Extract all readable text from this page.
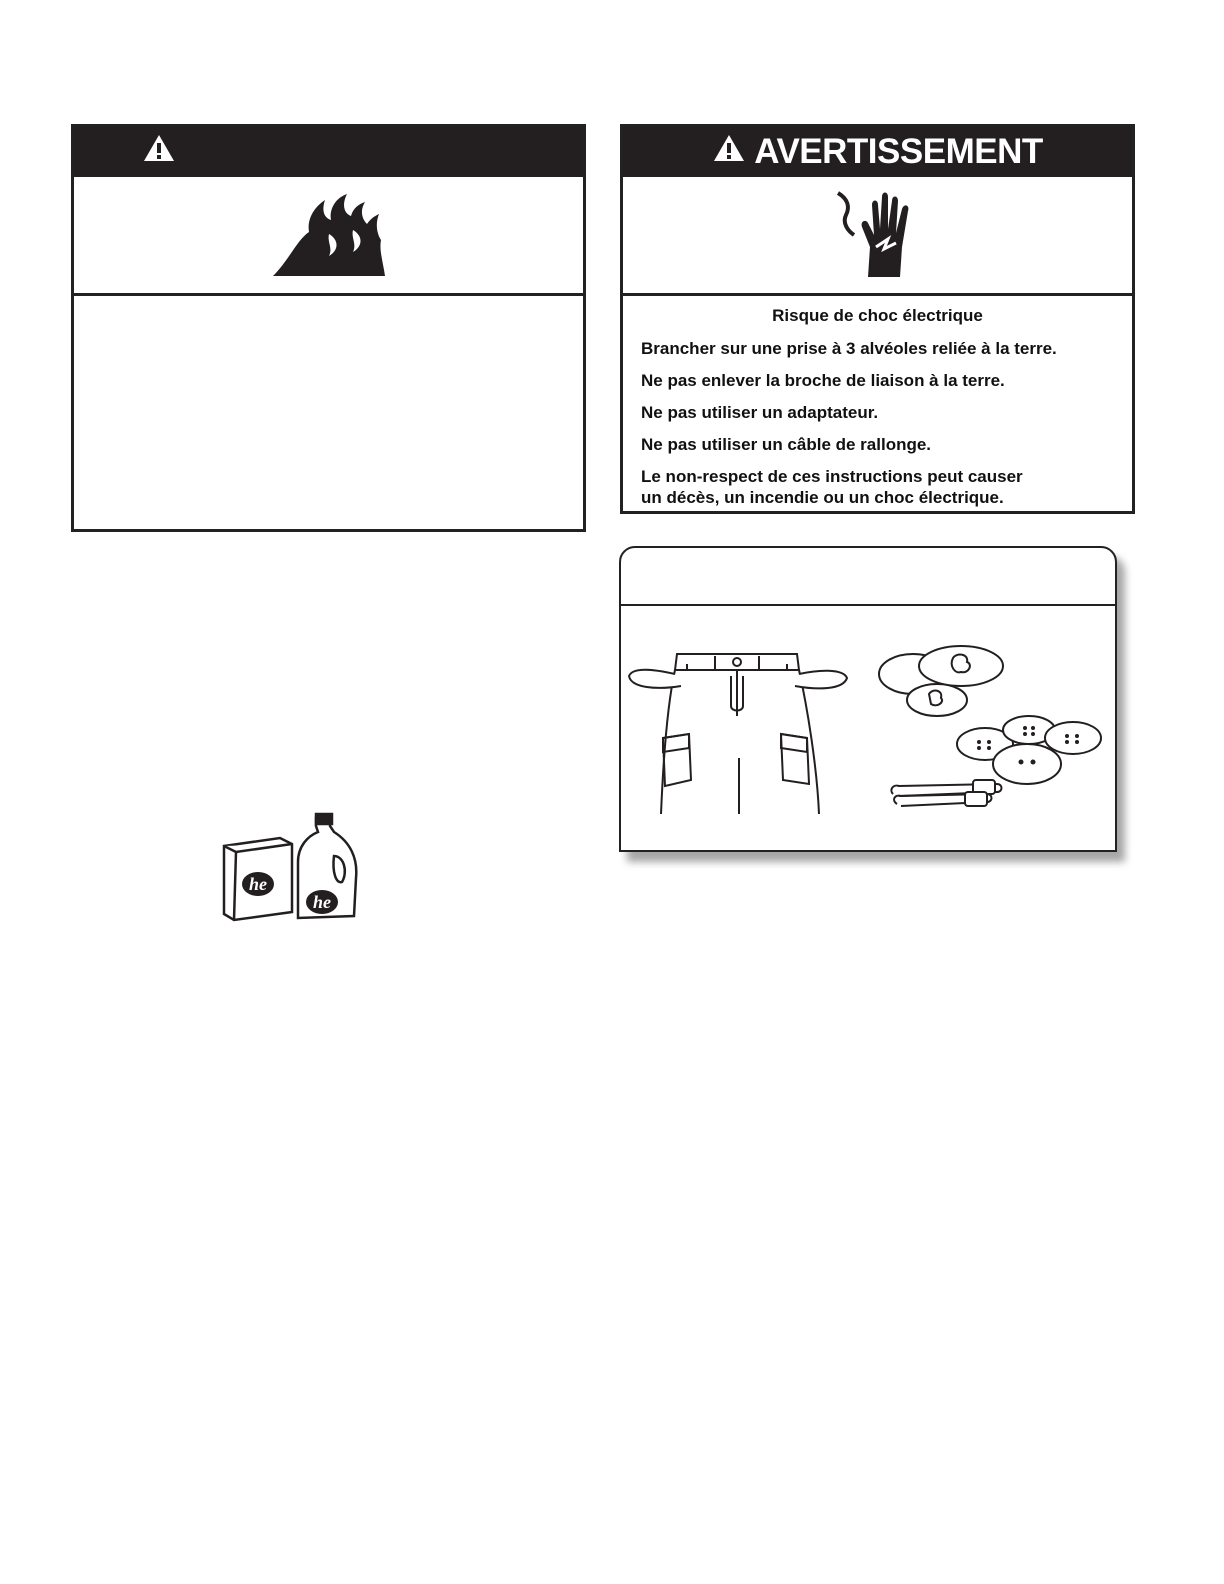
AVERTISSEMENT
Risque de choc électrique

Brancher sur une prise à 3 alvéoles reliée à la terre.

Ne pas enlever la broche de liaison à la terre.

Ne pas utiliser un adaptateur.

Ne pas utiliser un câble de rallonge.

Le non-respect de ces instructions peut causer
un décès, un incendie ou un choc électrique.

he
he
